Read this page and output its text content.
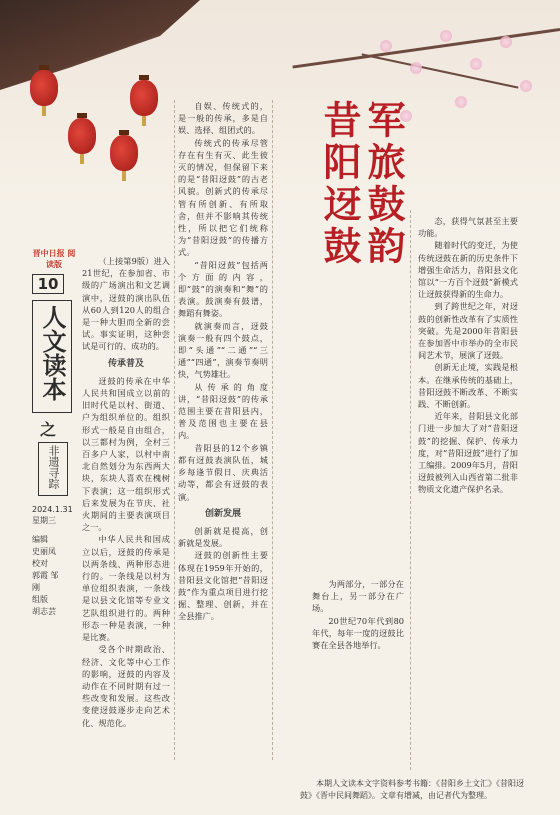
晋中日报 阅读版
10
人文读本
之
非遗寻踪
2024.1.31
星期三
编辑
史丽凤
校对
郭霞 邹刚
组版
胡志芸

（上接第9版）进入21世纪，在参加省、市级的广场演出和文艺调演中，迓鼓的演出队伍从60人到120人的组合是一种大胆而全新的尝试。事实证明，这种尝试是可行的、成功的。

传承普及

迓鼓的传承在中华人民共和国成立以前的旧时代是以村、街道、户为组织单位的。组织形式一般是自由组合，以三都村为例，全村三百多户人家，以村中南北自然划分为东西两大块，东块人喜欢在槐树下表演；这一组织形式后来发展为在节庆、社火期间的主要表演项目之一。

中华人民共和国成立以后，迓鼓的传承是以两条线、两种形态进行的。一条线是以村为单位组织表演，一条线是以县文化馆等专业文艺队组织进行的。两种形态一种是表演，一种是比赛。

受各个时期政治、经济、文化等中心工作的影响，迓鼓的内容及动作在不同时期有过一些改变和发展。这些改变使迓鼓逐步走向艺术化、规范化。

自娱、传统式的，是一般的传承，多是自娱、选择、组团式的。

传统式的传承尽管存在有生有灭、此生彼灭的情况，但保留下来的是“昔阳迓鼓”的古老风貌。创新式的传承尽管有所创新、有所取舍，但并不影响其传统性，所以把它们统称为“昔阳迓鼓”的传播方式。

“昔阳迓鼓”包括两个方面的内容，即“鼓”的演奏和“舞”的表演。鼓演奏有鼓谱，舞蹈有舞姿。

就演奏而言，迓鼓演奏一般有四个鼓点，即“头通”“二通”“三通”“四通”，演奏节奏明快，气势雄壮。

从传承的角度讲，“昔阳迓鼓”的传承范围主要在昔阳县内，普及范围也主要在县内。

昔阳县的12个乡镇都有迓鼓表演队伍，城乡每逢节假日、庆典活动等，都会有迓鼓的表演。

创新发展

创新就是提高，创新就是发展。

迓鼓的创新性主要体现在1959年开始的，昔阳县文化馆把“昔阳迓鼓”作为重点项目进行挖掘、整理、创新，并在全县推广。

军旅鼓韵
昔阳迓鼓

为两部分，一部分在舞台上，另一部分在广场。

20世纪70年代到80年代，每年一度的迓鼓比赛在全县各地举行。

态，获得气氛甚至主要功能。

随着时代的变迁，为使传统迓鼓在新的历史条件下增强生命活力，昔阳县文化馆以“一方百个迓鼓”新模式让迓鼓获得新的生命力。

到了跨世纪之年，对迓鼓的创新性改革有了实质性突破。先是2000年昔阳县在参加晋中市举办的全市民间艺术节，展演了迓鼓。

创新无止境，实践是根本。在继承传统的基础上，昔阳迓鼓不断改革、不断实践、不断创新。

近年来，昔阳县文化部门进一步加大了对“昔阳迓鼓”的挖掘、保护、传承力度，对“昔阳迓鼓”进行了加工编排。2009年5月，昔阳迓鼓被列入山西省第二批非物质文化遗产保护名录。

本期人文读本文字资料参考书籍：《昔阳乡土文汇》《昔阳迓鼓》《晋中民间舞蹈》。文章有增减，由记者代为整理。
